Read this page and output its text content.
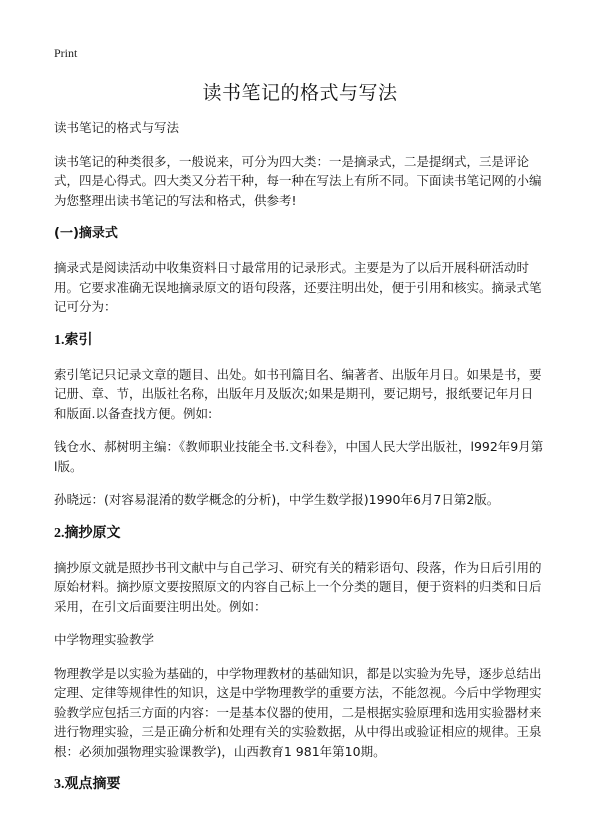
Print
读书笔记的格式与写法

读书笔记的格式与写法

读书笔记的种类很多，一般说来，可分为四大类：一是摘录式，二是提纲式，三是评论式，四是心得式。四大类又分若干种，每一种在写法上有所不同。下面读书笔记网的小编为您整理出读书笔记的写法和格式，供参考!

(一)摘录式

摘录式是阅读活动中收集资料日寸最常用的记录形式。主要是为了以后开展科研活动时用。它要求准确无误地摘录原文的语句段落，还要注明出处，便于引用和核实。摘录式笔记可分为：

1.索引

索引笔记只记录文章的题目、出处。如书刊篇目名、编著者、出版年月日。如果是书，要记册、章、节，出版社名称，出版年月及版次;如果是期刊，要记期号，报纸要记年月日和版面.以备查找方便。例如:

钱仓水、郝树明主编：《教师职业技能全书.文科卷》，中国人民大学出版社，l992年9月第l版。

孙晓远：(对容易混淆的数学概念的分析)，中学生数学报)1990年6月7日第2版。

2.摘抄原文

摘抄原文就是照抄书刊文献中与自己学习、研究有关的精彩语句、段落，作为日后引用的原始材料。摘抄原文要按照原文的内容自己标上一个分类的题目，便于资料的归类和日后采用，在引文后面要注明出处。例如：

中学物理实验教学

物理教学是以实验为基础的，中学物理教材的基础知识，都是以实验为先导，逐步总结出定理、定律等规律性的知识，这是中学物理教学的重要方法，不能忽视。今后中学物理实验教学应包括三方面的内容：一是基本仪器的使用，二是根据实验原理和选用实验器材来进行物理实验，三是正确分析和处理有关的实验数据，从中得出或验证相应的规律。王泉根：必须加强物理实验课教学)，山西教育1 981年第10期。

3.观点摘要
